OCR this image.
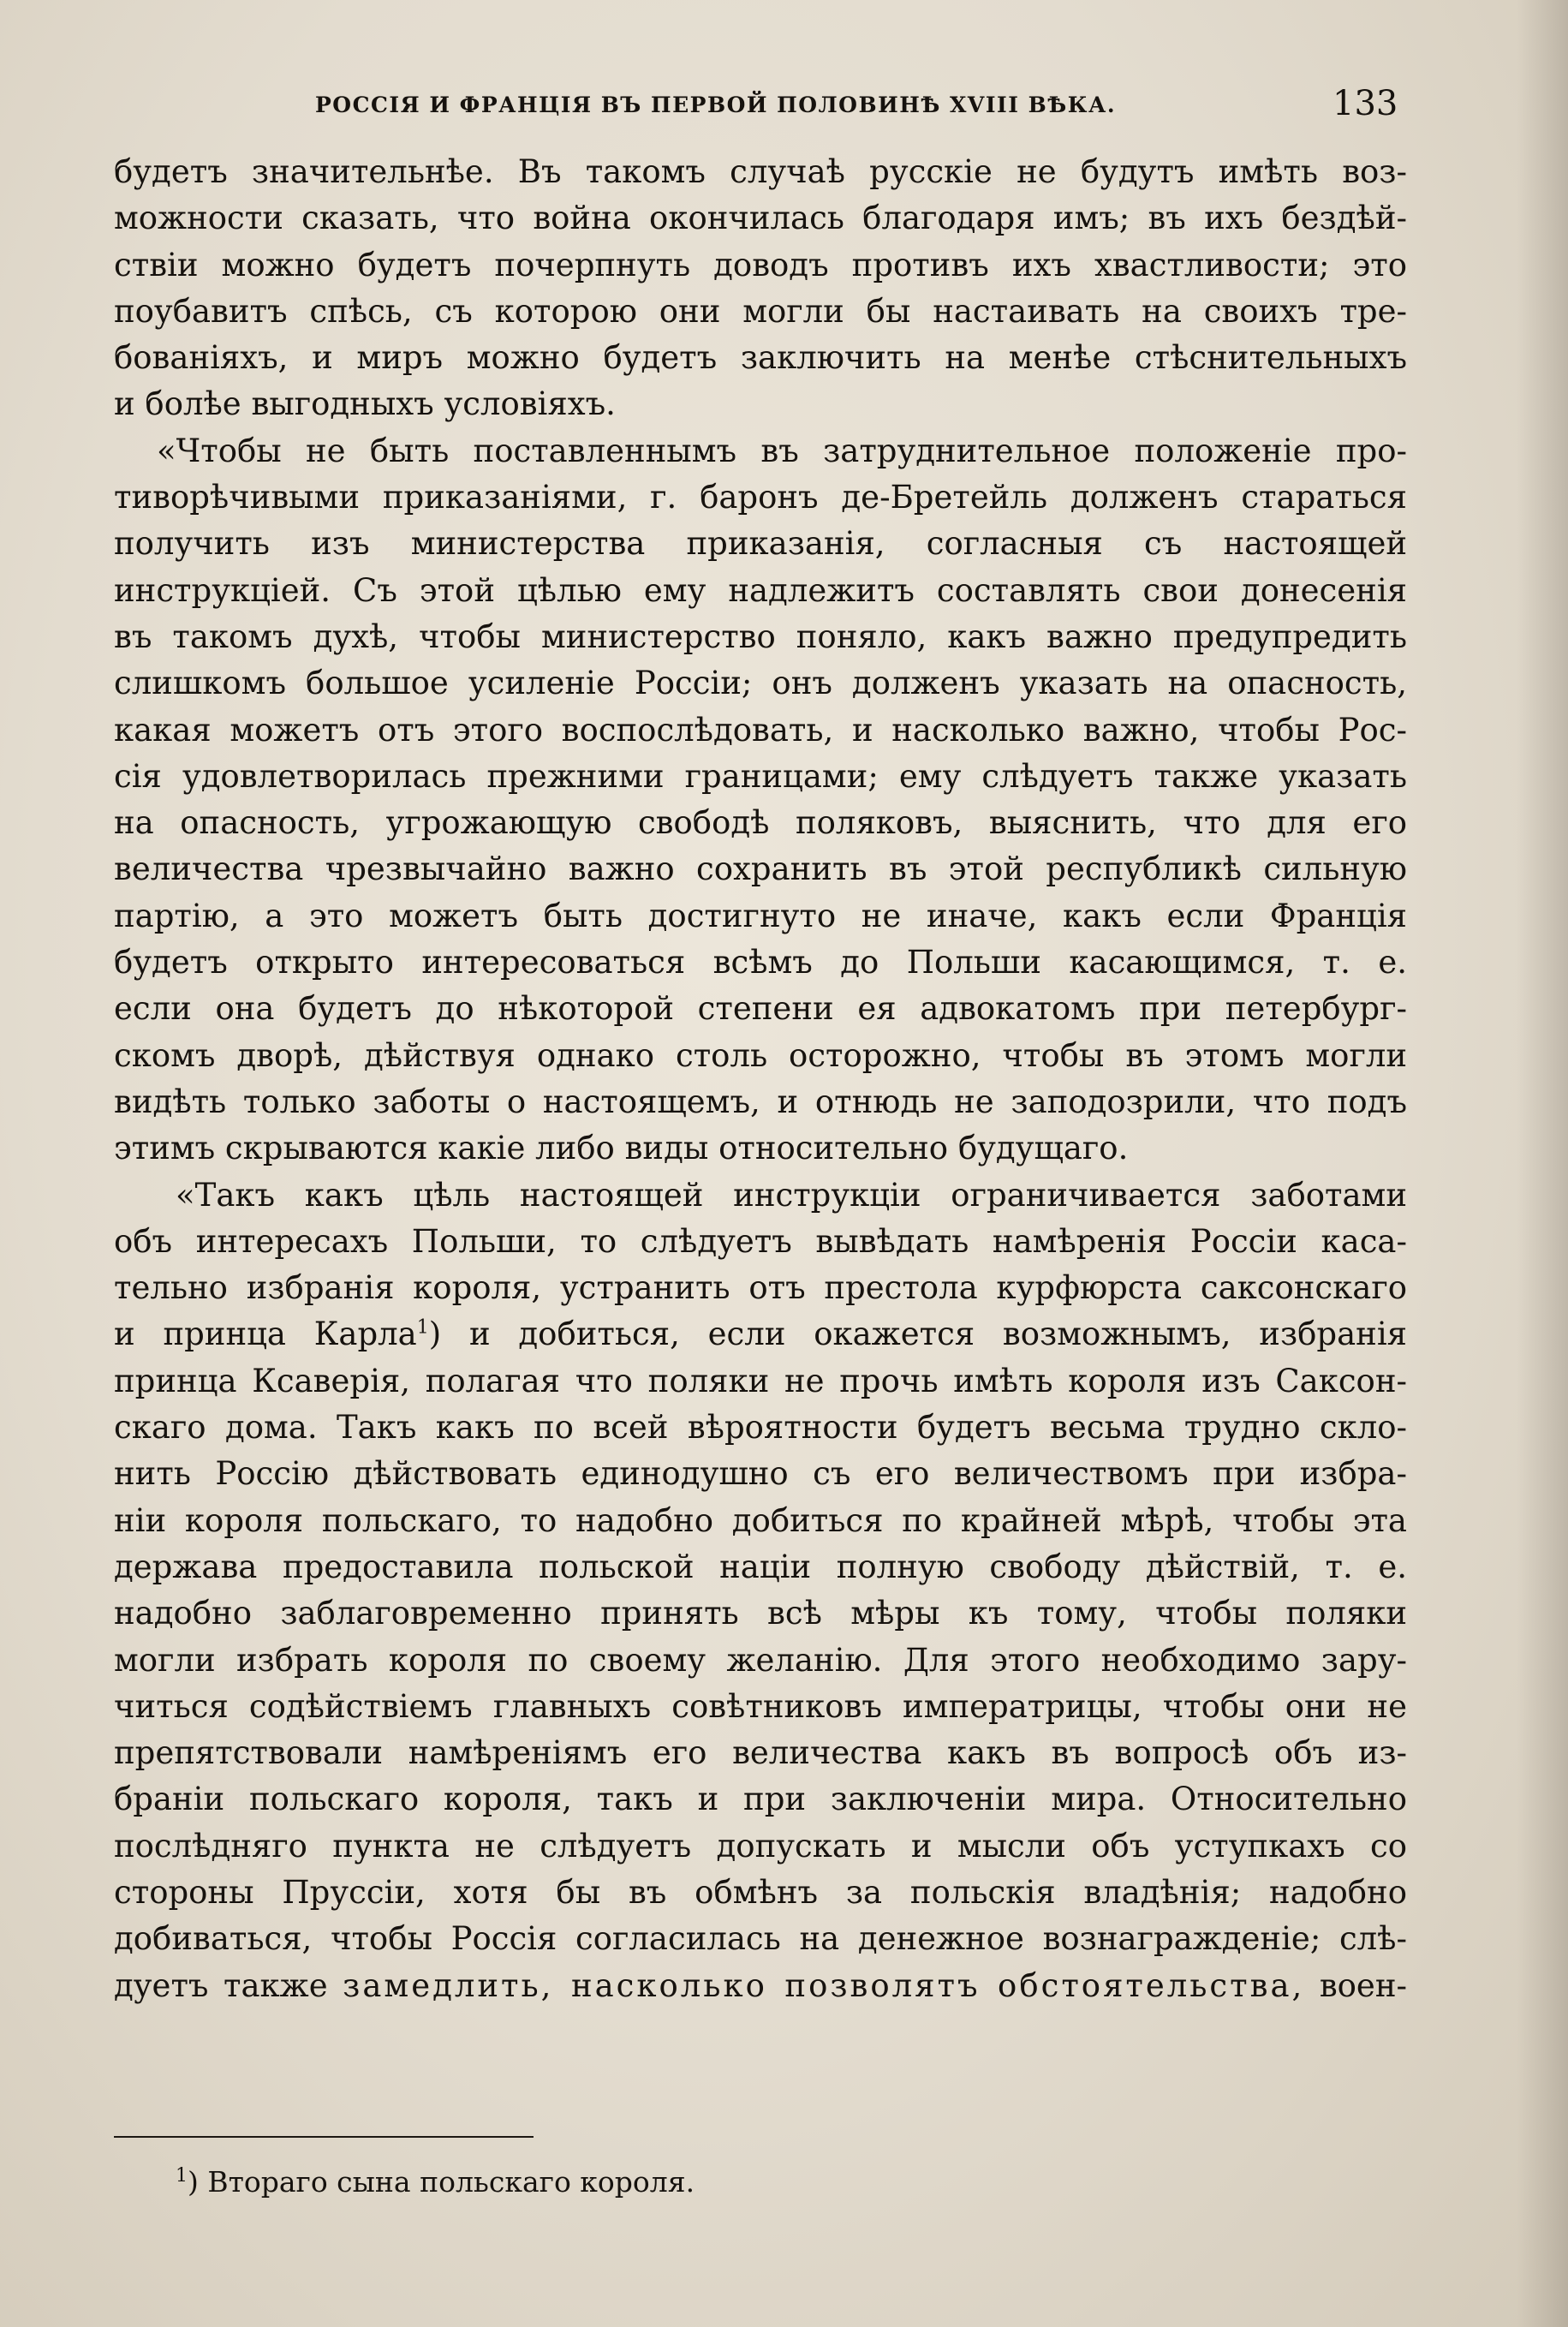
РОССІЯ И ФРАНЦІЯ ВЪ ПЕРВОЙ ПОЛОВИНѢ XVIII ВѢКА.	133
будетъ значительнѣе. Въ такомъ случаѣ русскіе не будутъ имѣть воз-
можности сказать, что война окончилась благодаря имъ; въ ихъ бездѣй-
ствіи можно будетъ почерпнуть доводъ противъ ихъ хвастливости; это
поубавитъ спѣсь, съ которою они могли бы настаивать на своихъ тре-
бованіяхъ, и миръ можно будетъ заключить на менѣе стѣснительныхъ
и болѣе выгодныхъ условіяхъ.
«Чтобы не быть поставленнымъ въ затруднительное положеніе про-
тиворѣчивыми приказаніями, г. баронъ де-Бретейль долженъ стараться
получить изъ министерства приказанія, согласныя съ настоящей
инструкціей. Съ этой цѣлью ему надлежитъ составлять свои донесенія
въ такомъ духѣ, чтобы министерство поняло, какъ важно предупредить
слишкомъ большое усиленіе Россіи; онъ долженъ указать на опасность,
какая можетъ отъ этого воспослѣдовать, и насколько важно, чтобы Рос-
сія удовлетворилась прежними границами; ему слѣдуетъ также указать
на опасность, угрожающую свободѣ поляковъ, выяснить, что для его
величества чрезвычайно важно сохранить въ этой республикѣ сильную
партію, а это можетъ быть достигнуто не иначе, какъ если Франція
будетъ открыто интересоваться всѣмъ до Польши касающимся, т. е.
если она будетъ до нѣкоторой степени ея адвокатомъ при петербург-
скомъ дворѣ, дѣйствуя однако столь осторожно, чтобы въ этомъ могли
видѣть только заботы о настоящемъ, и отнюдь не заподозрили, что подъ
этимъ скрываются какіе либо виды относительно будущаго.
«Такъ какъ цѣль настоящей инструкціи ограничивается заботами
объ интересахъ Польши, то слѣдуетъ вывѣдать намѣренія Россіи каса-
тельно избранія короля, устранить отъ престола курфюрста саксонскаго
и принца Карла$^1$) и добиться, если окажется возможнымъ, избранія
принца Ксаверія, полагая что поляки не прочь имѣть короля изъ Саксон-
скаго дома. Такъ какъ по всей вѣроятности будетъ весьма трудно скло-
нить Россію дѣйствовать единодушно съ его величествомъ при избра-
ніи короля польскаго, то надобно добиться по крайней мѣрѣ, чтобы эта
держава предоставила польской націи полную свободу дѣйствій, т. е.
надобно заблаговременно принять всѣ мѣры къ тому, чтобы поляки
могли избрать короля по своему желанію. Для этого необходимо зару-
читься содѣйствіемъ главныхъ совѣтниковъ императрицы, чтобы они не
препятствовали намѣреніямъ его величества какъ въ вопросѣ объ из-
браніи польскаго короля, такъ и при заключеніи мира. Относительно
послѣдняго пункта не слѣдуетъ допускать и мысли объ уступкахъ со
стороны Пруссіи, хотя бы въ обмѣнъ за польскія владѣнія; надобно
добиваться, чтобы Россія согласилась на денежное вознагражденіе; слѣ-
дуетъ также замедлить, насколько позволятъ обстоятельства, воен-
$^1$) Втораго сына польскаго короля.
